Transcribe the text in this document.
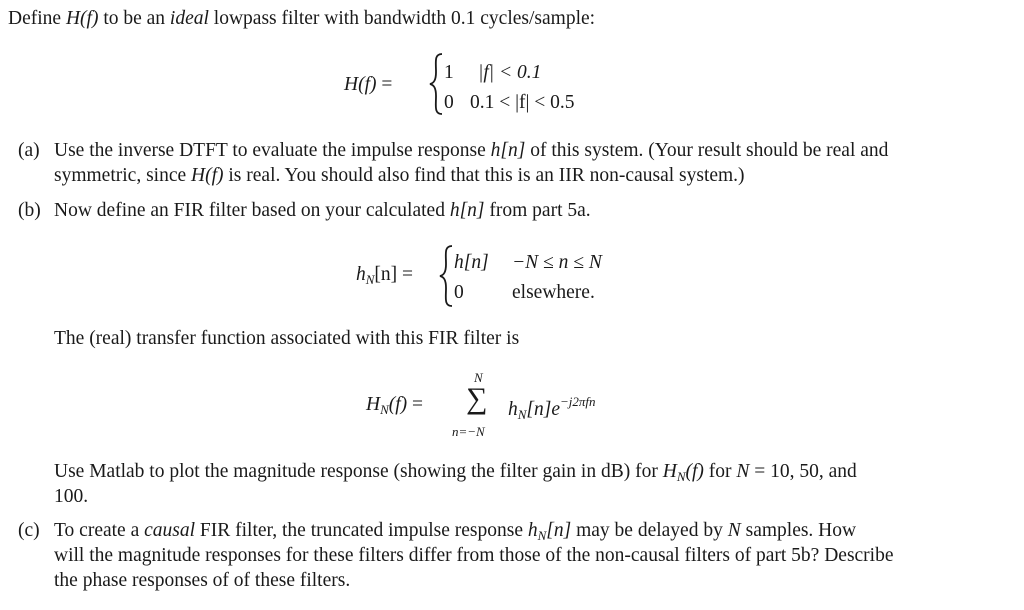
Define H(f) to be an ideal lowpass filter with bandwidth 0.1 cycles/sample:
H(f) =
1 |f| < 0.1
0 0.1 < |f| < 0.5
(a) Use the inverse DTFT to evaluate the impulse response h[n] of this system. (Your result should be real and
symmetric, since H(f) is real. You should also find that this is an IIR non-causal system.)
(b) Now define an FIR filter based on your calculated h[n] from part 5a.
$h_N[n]$ =
h[n] −N ≤ n ≤ N
0 elsewhere.
The (real) transfer function associated with this FIR filter is
$H_N(f)$ =
N
∑
n=−N
$h_N[n]e^{-j2\pi fn}$
Use Matlab to plot the magnitude response (showing the filter gain in dB) for $H_N(f)$ for N = 10, 50, and
100.
(c) To create a causal FIR filter, the truncated impulse response $h_N[n]$ may be delayed by N samples. How
will the magnitude responses for these filters differ from those of the non-causal filters of part 5b? Describe
the phase responses of of these filters.
